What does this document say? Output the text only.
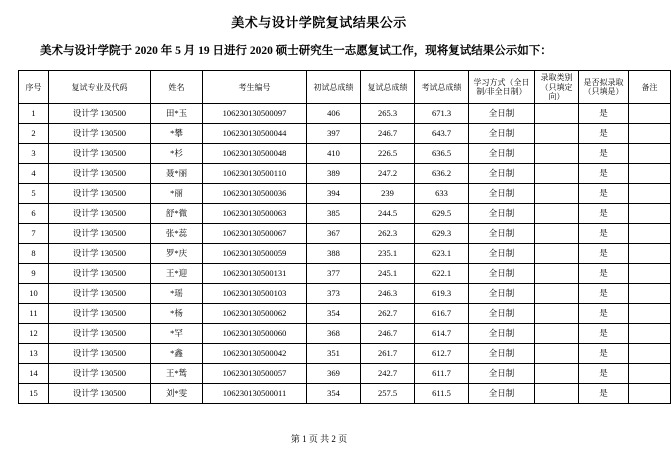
美术与设计学院复试结果公示

美术与设计学院于 2020 年 5 月 19 日进行 2020 硕士研究生一志愿复试工作，现将复试结果公示如下：

序号	复试专业及代码	姓名	考生编号	初试总成绩	复试总成绩	考试总成绩	学习方式（全日制/非全日制）	录取类别（只填定向）	是否拟录取（只填是）	备注
1	设计学 130500	田*玉	106230130500097	406	265.3	671.3	全日制		是	
2	设计学 130500	*攀	106230130500044	397	246.7	643.7	全日制		是	
3	设计学 130500	*杉	106230130500048	410	226.5	636.5	全日制		是	
4	设计学 130500	聂*丽	106230130500110	389	247.2	636.2	全日制		是	
5	设计学 130500	*丽	106230130500036	394	239	633	全日制		是	
6	设计学 130500	舒*微	106230130500063	385	244.5	629.5	全日制		是	
7	设计学 130500	张*蕊	106230130500067	367	262.3	629.3	全日制		是	
8	设计学 130500	罗*庆	106230130500059	388	235.1	623.1	全日制		是	
9	设计学 130500	王*迎	106230130500131	377	245.1	622.1	全日制		是	
10	设计学 130500	*瑶	106230130500103	373	246.3	619.3	全日制		是	
11	设计学 130500	*杨	106230130500062	354	262.7	616.7	全日制		是	
12	设计学 130500	*罕	106230130500060	368	246.7	614.7	全日制		是	
13	设计学 130500	*鑫	106230130500042	351	261.7	612.7	全日制		是	
14	设计学 130500	王*鸶	106230130500057	369	242.7	611.7	全日制		是	
15	设计学 130500	刘*雯	106230130500011	354	257.5	611.5	全日制		是	
第 1 页 共 2 页
